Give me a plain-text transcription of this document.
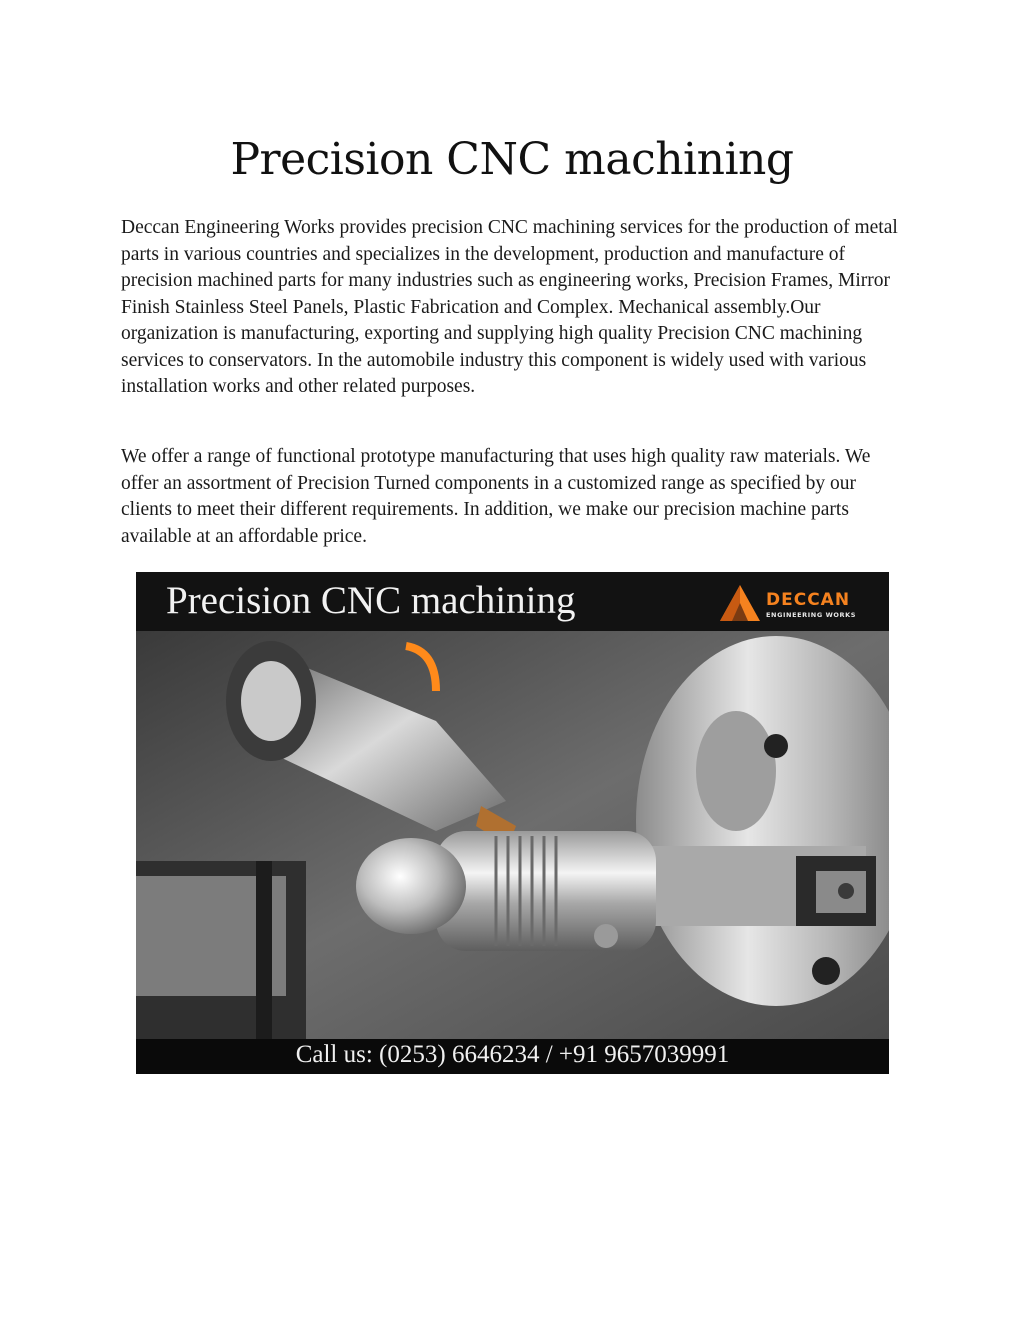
Precision CNC machining

Deccan Engineering Works provides precision CNC machining services for the production of metal parts in various countries and specializes in the development, production and manufacture of precision machined parts for many industries such as engineering works, Precision Frames, Mirror Finish Stainless Steel Panels, Plastic Fabrication and Complex. Mechanical assembly.Our organization is manufacturing, exporting and supplying high quality Precision CNC machining services to conservators. In the automobile industry this component is widely used with various installation works and other related purposes.

We offer a range of functional prototype manufacturing that uses high quality raw materials. We offer an assortment of Precision Turned components in a customized range as specified by our clients to meet their different requirements. In addition, we make our precision machine parts available at an affordable price.

Precision CNC machining	DECCAN
ENGINEERING WORKS
Call us: (0253) 6646234 / +91 9657039991
